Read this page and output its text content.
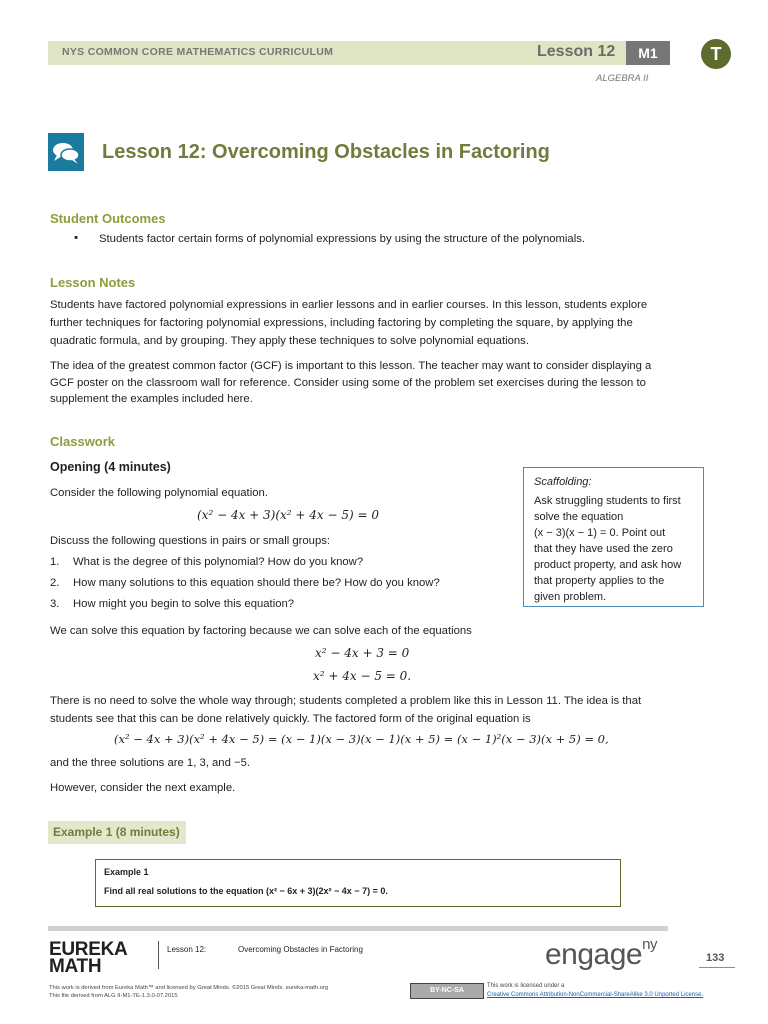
NYS COMMON CORE MATHEMATICS CURRICULUM	Lesson 12	M1
ALGEBRA II
T
Lesson 12: Overcoming Obstacles in Factoring
Student Outcomes
▪ Students factor certain forms of polynomial expressions by using the structure of the polynomials.
Lesson Notes
Students have factored polynomial expressions in earlier lessons and in earlier courses. In this lesson, students explore
further techniques for factoring polynomial expressions, including factoring by completing the square, by applying the
quadratic formula, and by grouping. They apply these techniques to solve polynomial equations.
The idea of the greatest common factor (GCF) is important to this lesson. The teacher may want to consider displaying a
GCF poster on the classroom wall for reference. Consider using some of the problem set exercises during the lesson to
supplement the examples included here.
Classwork
Opening (4 minutes)
Consider the following polynomial equation.
(x² − 4x + 3)(x² + 4x − 5) = 0
Discuss the following questions in pairs or small groups:
1. What is the degree of this polynomial? How do you know?
2. How many solutions to this equation should there be? How do you know?
3. How might you begin to solve this equation?
We can solve this equation by factoring because we can solve each of the equations
x² − 4x + 3 = 0
x² + 4x − 5 = 0.
There is no need to solve the whole way through; students completed a problem like this in Lesson 11. The idea is that
students see that this can be done relatively quickly. The factored form of the original equation is
(x² − 4x + 3)(x² + 4x − 5) = (x − 1)(x − 3)(x − 1)(x + 5) = (x − 1)²(x − 3)(x + 5) = 0,
and the three solutions are 1, 3, and −5.
However, consider the next example.
Scaffolding:
Ask struggling students to first
solve the equation
(x − 3)(x − 1) = 0. Point out
that they have used the zero
product property, and ask how
that property applies to the
given problem.
Example 1 (8 minutes)
Example 1
Find all real solutions to the equation (x² − 6x + 3)(2x² − 4x − 7) = 0.
EUREKA
MATH
Lesson 12:	Overcoming Obstacles in Factoring	engage$^{ny}$
133
This work is derived from Eureka Math™ and licensed by Great Minds. ©2015 Great Minds. eureka-math.org
This file derived from ALG II-M1-TE-1.3.0-07.2015
BY-NC-SA
This work is licensed under a
Creative Commons Attribution-NonCommercial-ShareAlike 3.0 Unported License.
